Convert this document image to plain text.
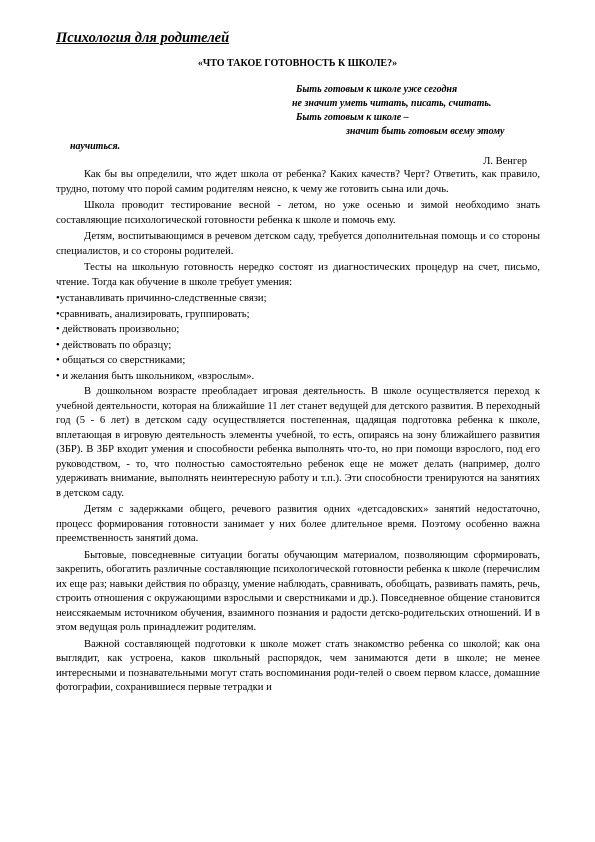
Психология для родителей
«ЧТО ТАКОЕ ГОТОВНОСТЬ К ШКОЛЕ?»
Быть готовым к школе уже сегодня
не значит уметь читать, писать, считать.
Быть готовым к школе –
значит быть готовым всему этому
научиться.
Л. Венгер

Как бы вы определили, что ждет школа от ребенка? Каких качеств? Черт? Ответить, как правило, трудно, потому что порой самим родителям неясно, к чему же готовить сына или дочь.

Школа проводит тестирование весной - летом, но уже осенью и зимой необходимо знать составляющие психологической готовности ребенка к школе и помочь ему.

Детям, воспитывающимся в речевом детском саду, требуется дополнительная помощь и со стороны специалистов, и со стороны родителей.

Тесты на школьную готовность нередко состоят из диагностических процедур на счет, письмо, чтение. Тогда как обучение в школе требует умения:

•устанавливать причинно-следственные связи;

•сравнивать, анализировать, группировать;

• действовать произвольно;

• действовать по образцу;

• общаться со сверстниками;

• и желания быть школьником, «взрослым».

В дошкольном возрасте преобладает игровая деятельность. В школе осуществляется переход к учебной деятельности, которая на ближайшие 11 лет станет ведущей для детского развития. В переходный год (5 - 6 лет) в детском саду осуществляется постепенная, щадящая подготовка ребенка к школе, вплетающая в игровую деятельность элементы учебной, то есть, опираясь на зону ближайшего развития (ЗБР). В ЗБР входит умения и способности ребенка выполнять что-то, но при помощи взрослого, под его руководством, - то, что полностью самостоятельно ребенок еще не может делать (например, долго удерживать внимание, выполнять неинтересную работу и т.п.). Эти способности тренируются на занятиях в детском саду.

Детям с задержками общего, речевого развития одних «детсадовских» занятий недостаточно, процесс формирования готовности занимает у них более длительное время. Поэтому особенно важна преемственность занятий дома.

Бытовые, повседневные ситуации богаты обучающим материалом, позволяющим сформировать, закрепить, обогатить различные составляющие психологической готовности ребенка к школе (перечислим их еще раз; навыки действия по образцу, умение наблюдать, сравнивать, обобщать, развивать память, речь, строить отношения с окружающими взрослыми и сверстниками и др.). Повседневное общение становится неиссякаемым источником обучения, взаимного познания и радости детско-родительских отношений. И в этом ведущая роль принадлежит родителям.

Важной составляющей подготовки к школе может стать знакомство ребенка со школой; как она выглядит, как устроена, каков школьный распорядок, чем занимаются дети в школе; не менее интересными и познавательными могут стать воспоминания роди-телей о своем первом классе, домашние фотографии, сохранившиеся первые тетрадки и
